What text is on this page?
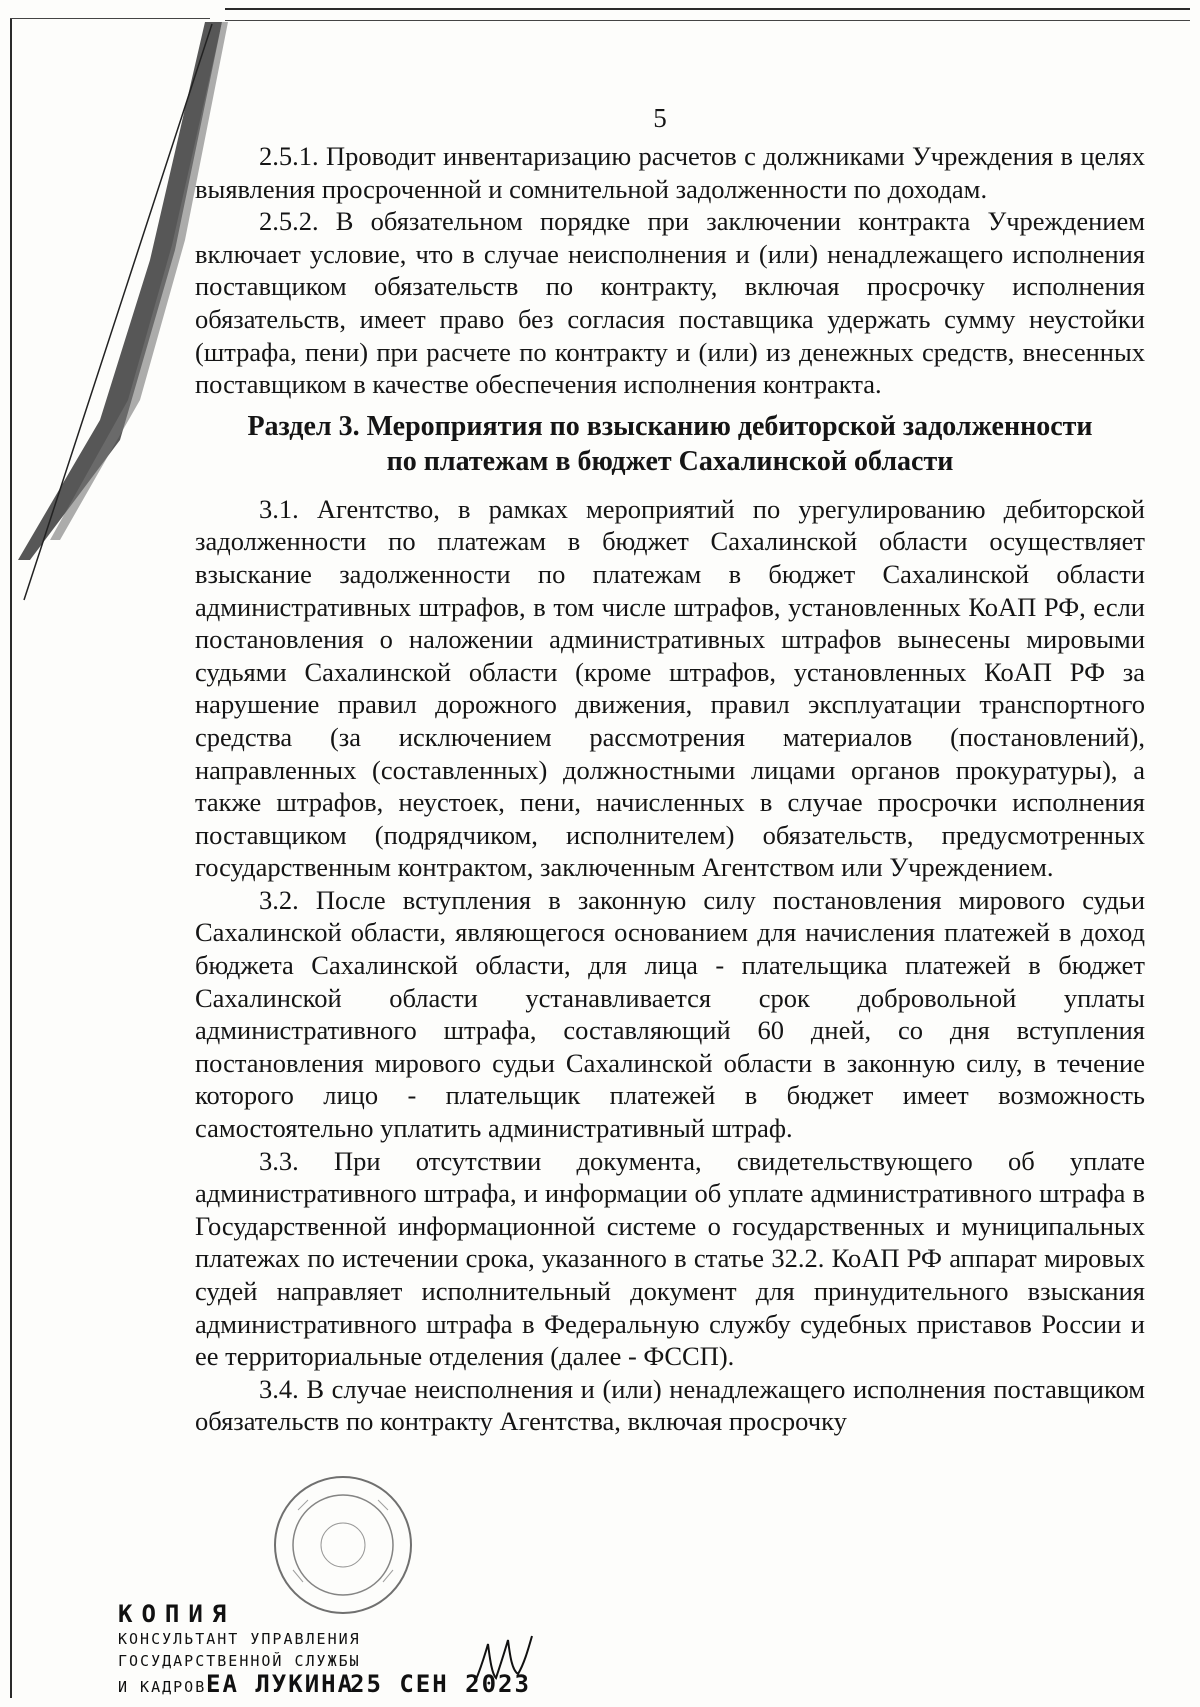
5

2.5.1. Проводит инвентаризацию расчетов с должниками Учреждения в целях выявления просроченной и сомнительной задолженности по доходам.

2.5.2. В обязательном порядке при заключении контракта Учреждением включает условие, что в случае неисполнения и (или) ненадлежащего исполнения поставщиком обязательств по контракту, включая просрочку исполнения обязательств, имеет право без согласия поставщика удержать сумму неустойки (штрафа, пени) при расчете по контракту и (или) из денежных средств, внесенных поставщиком в качестве обеспечения исполнения контракта.

Раздел 3. Мероприятия по взысканию дебиторской задолженности
по платежам в бюджет Сахалинской области

3.1. Агентство, в рамках мероприятий по урегулированию дебиторской задолженности по платежам в бюджет Сахалинской области осуществляет взыскание задолженности по платежам в бюджет Сахалинской области административных штрафов, в том числе штрафов, установленных КоАП РФ, если постановления о наложении административных штрафов вынесены мировыми судьями Сахалинской области (кроме штрафов, установленных КоАП РФ за нарушение правил дорожного движения, правил эксплуатации транспортного средства (за исключением рассмотрения материалов (постановлений), направленных (составленных) должностными лицами органов прокуратуры), а также штрафов, неустоек, пени, начисленных в случае просрочки исполнения поставщиком (подрядчиком, исполнителем) обязательств, предусмотренных государственным контрактом, заключенным Агентством или Учреждением.

3.2. После вступления в законную силу постановления мирового судьи Сахалинской области, являющегося основанием для начисления платежей в доход бюджета Сахалинской области, для лица - плательщика платежей в бюджет Сахалинской области устанавливается срок добровольной уплаты административного штрафа, составляющий 60 дней, со дня вступления постановления мирового судьи Сахалинской области в законную силу, в течение которого лицо - плательщик платежей в бюджет имеет возможность самостоятельно уплатить административный штраф.

3.3. При отсутствии документа, свидетельствующего об уплате административного штрафа, и информации об уплате административного штрафа в Государственной информационной системе о государственных и муниципальных платежах по истечении срока, указанного в статье 32.2. КоАП РФ аппарат мировых судей направляет исполнительный документ для принудительного взыскания административного штрафа в Федеральную службу судебных приставов России и ее территориальные отделения (далее - ФССП).

3.4. В случае неисполнения и (или) ненадлежащего исполнения поставщиком обязательств по контракту Агентства, включая просрочку

КОПИЯ
КОНСУЛЬТАНТ УПРАВЛЕНИЯ
ГОСУДАРСТВЕННОЙ СЛУЖБЫ
И КАДРОВ ЕА ЛУКИНА
25 СЕН 2023
